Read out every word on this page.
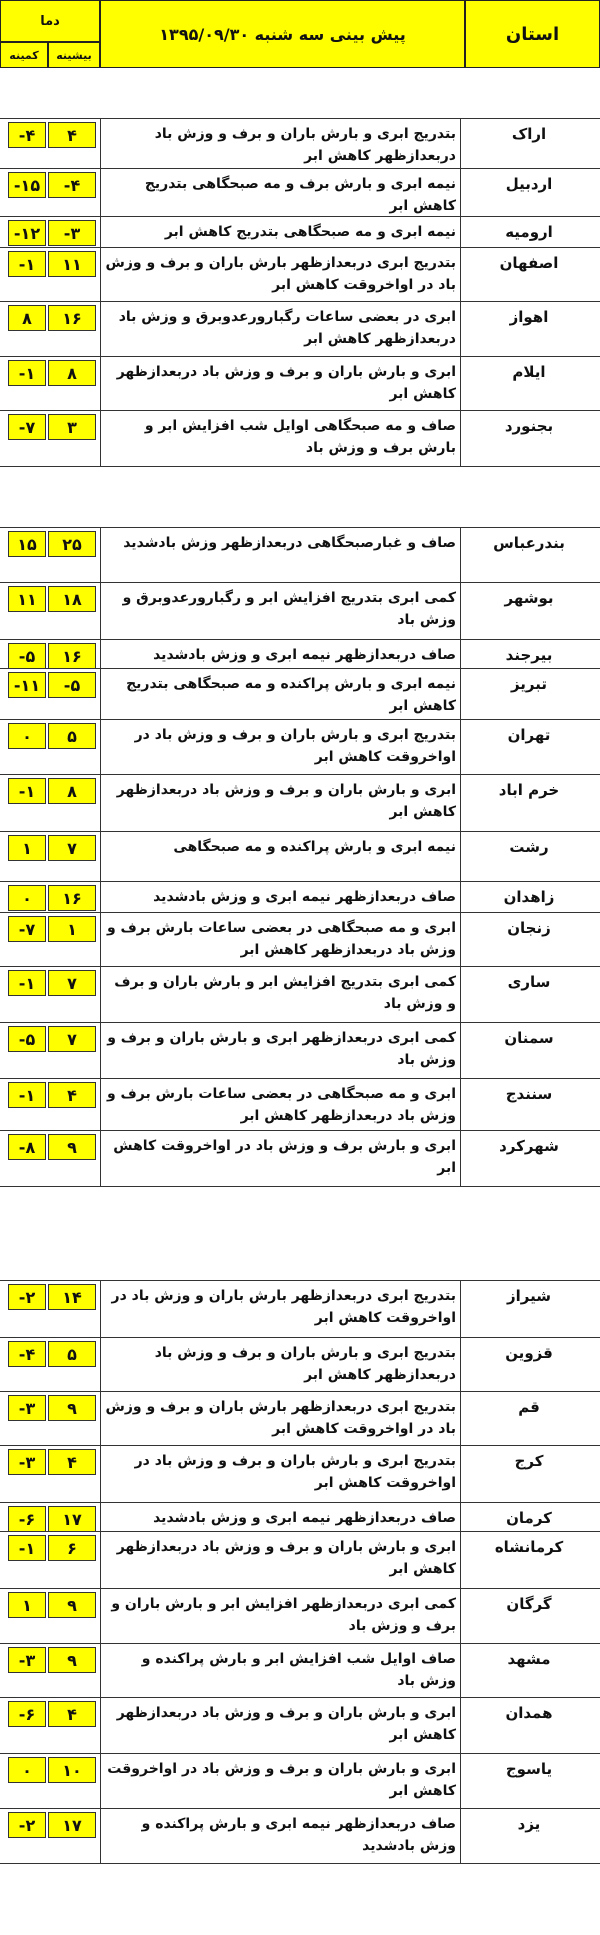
استان
پیش بینی سه شنبه ۱۳۹۵/۰۹/۳۰
دما
بیشینه
کمینه
اراک
بتدریج ابری و بارش باران و برف و وزش باد دربعدازظهر کاهش ابر
۴
-۴
اردبیل
نیمه ابری و بارش برف و مه صبحگاهی بتدریج کاهش ابر
-۴
-۱۵
ارومیه
نیمه ابری و مه صبحگاهی بتدریج کاهش ابر
-۳
-۱۲
اصفهان
بتدریج ابری دربعدازظهر بارش باران و برف و وزش باد در اواخروقت کاهش ابر
۱۱
-۱
اهواز
ابری در بعضی ساعات رگبارورعدوبرق و وزش باد دربعدازظهر کاهش ابر
۱۶
۸
ایلام
ابری و بارش باران و برف و وزش باد دربعدازظهر کاهش ابر
۸
-۱
بجنورد
صاف و مه صبحگاهی اوایل شب افزایش ابر و بارش برف و وزش باد
۳
-۷
بندرعباس
صاف و غبارصبحگاهی دربعدازظهر وزش بادشدید
۲۵
۱۵
بوشهر
کمی ابری بتدریج افزایش ابر و رگبارورعدوبرق و وزش باد
۱۸
۱۱
بیرجند
صاف دربعدازظهر نیمه ابری و وزش بادشدید
۱۶
-۵
تبریز
نیمه ابری و بارش پراکنده و مه صبحگاهی بتدریج کاهش ابر
-۵
-۱۱
تهران
بتدریج ابری و بارش باران و برف و وزش باد در اواخروقت کاهش ابر
۵
۰
خرم اباد
ابری و بارش باران و برف و وزش باد دربعدازظهر کاهش ابر
۸
-۱
رشت
نیمه ابری و بارش پراکنده و مه صبحگاهی
۷
۱
زاهدان
صاف دربعدازظهر نیمه ابری و وزش بادشدید
۱۶
۰
زنجان
ابری و مه صبحگاهی در بعضی ساعات بارش برف و وزش باد دربعدازظهر کاهش ابر
۱
-۷
ساری
کمی ابری بتدریج افزایش ابر و بارش باران و برف و وزش باد
۷
-۱
سمنان
کمی ابری دربعدازظهر ابری و بارش باران و برف و وزش باد
۷
-۵
سنندج
ابری و مه صبحگاهی در بعضی ساعات بارش برف و وزش باد دربعدازظهر کاهش ابر
۴
-۱
شهرکرد
ابری و بارش برف و وزش باد در اواخروقت کاهش ابر
۹
-۸
شیراز
بتدریج ابری دربعدازظهر بارش باران و وزش باد در اواخروقت کاهش ابر
۱۴
-۲
قزوین
بتدریج ابری و بارش باران و برف و وزش باد دربعدازظهر کاهش ابر
۵
-۴
قم
بتدریج ابری دربعدازظهر بارش باران و برف و وزش باد در اواخروقت کاهش ابر
۹
-۳
کرج
بتدریج ابری و بارش باران و برف و وزش باد در اواخروقت کاهش ابر
۴
-۳
کرمان
صاف دربعدازظهر نیمه ابری و وزش بادشدید
۱۷
-۶
کرمانشاه
ابری و بارش باران و برف و وزش باد دربعدازظهر کاهش ابر
۶
-۱
گرگان
کمی ابری دربعدازظهر افزایش ابر و بارش باران و برف و وزش باد
۹
۱
مشهد
صاف اوایل شب افزایش ابر و بارش پراکنده و وزش باد
۹
-۳
همدان
ابری و بارش باران و برف و وزش باد دربعدازظهر کاهش ابر
۴
-۶
یاسوج
ابری و بارش باران و برف و وزش باد در اواخروقت کاهش ابر
۱۰
۰
یزد
صاف دربعدازظهر نیمه ابری و بارش پراکنده و وزش بادشدید
۱۷
-۲
